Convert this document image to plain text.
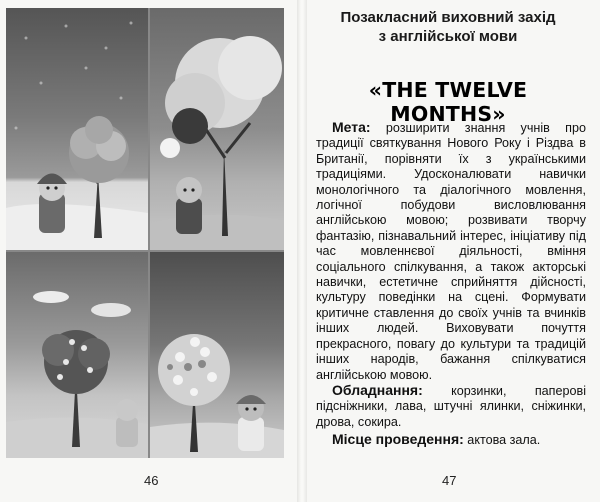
46
Позакласний виховний захід
з англійської мови
«THE TWELVE MONTHS»

Мета: розширити знання учнів про традиції святкування Нового Року і Різдва в Британії, порівняти їх з українськими традиціями. Удосконалювати навички монологічного та діалогічного мовлення, логічної побудови висловлювання англійською мовою; розвивати творчу фантазію, пізнавальний інтерес, ініціативу під час мовленнєвої діяльності, вміння соціального спілкування, а також акторські навички, естетичне сприйняття дійсності, культуру поведінки на сцені. Формувати критичне ставлення до своїх учнів та вчинків інших людей. Виховувати почуття прекрасного, повагу до культури та традицій інших народів, бажання спілкуватися англійською мовою.

Обладнання: корзинки, паперові підсніжники, лава, штучні ялинки, сніжинки, дрова, сокира.

Місце проведення: актова зала.

47
